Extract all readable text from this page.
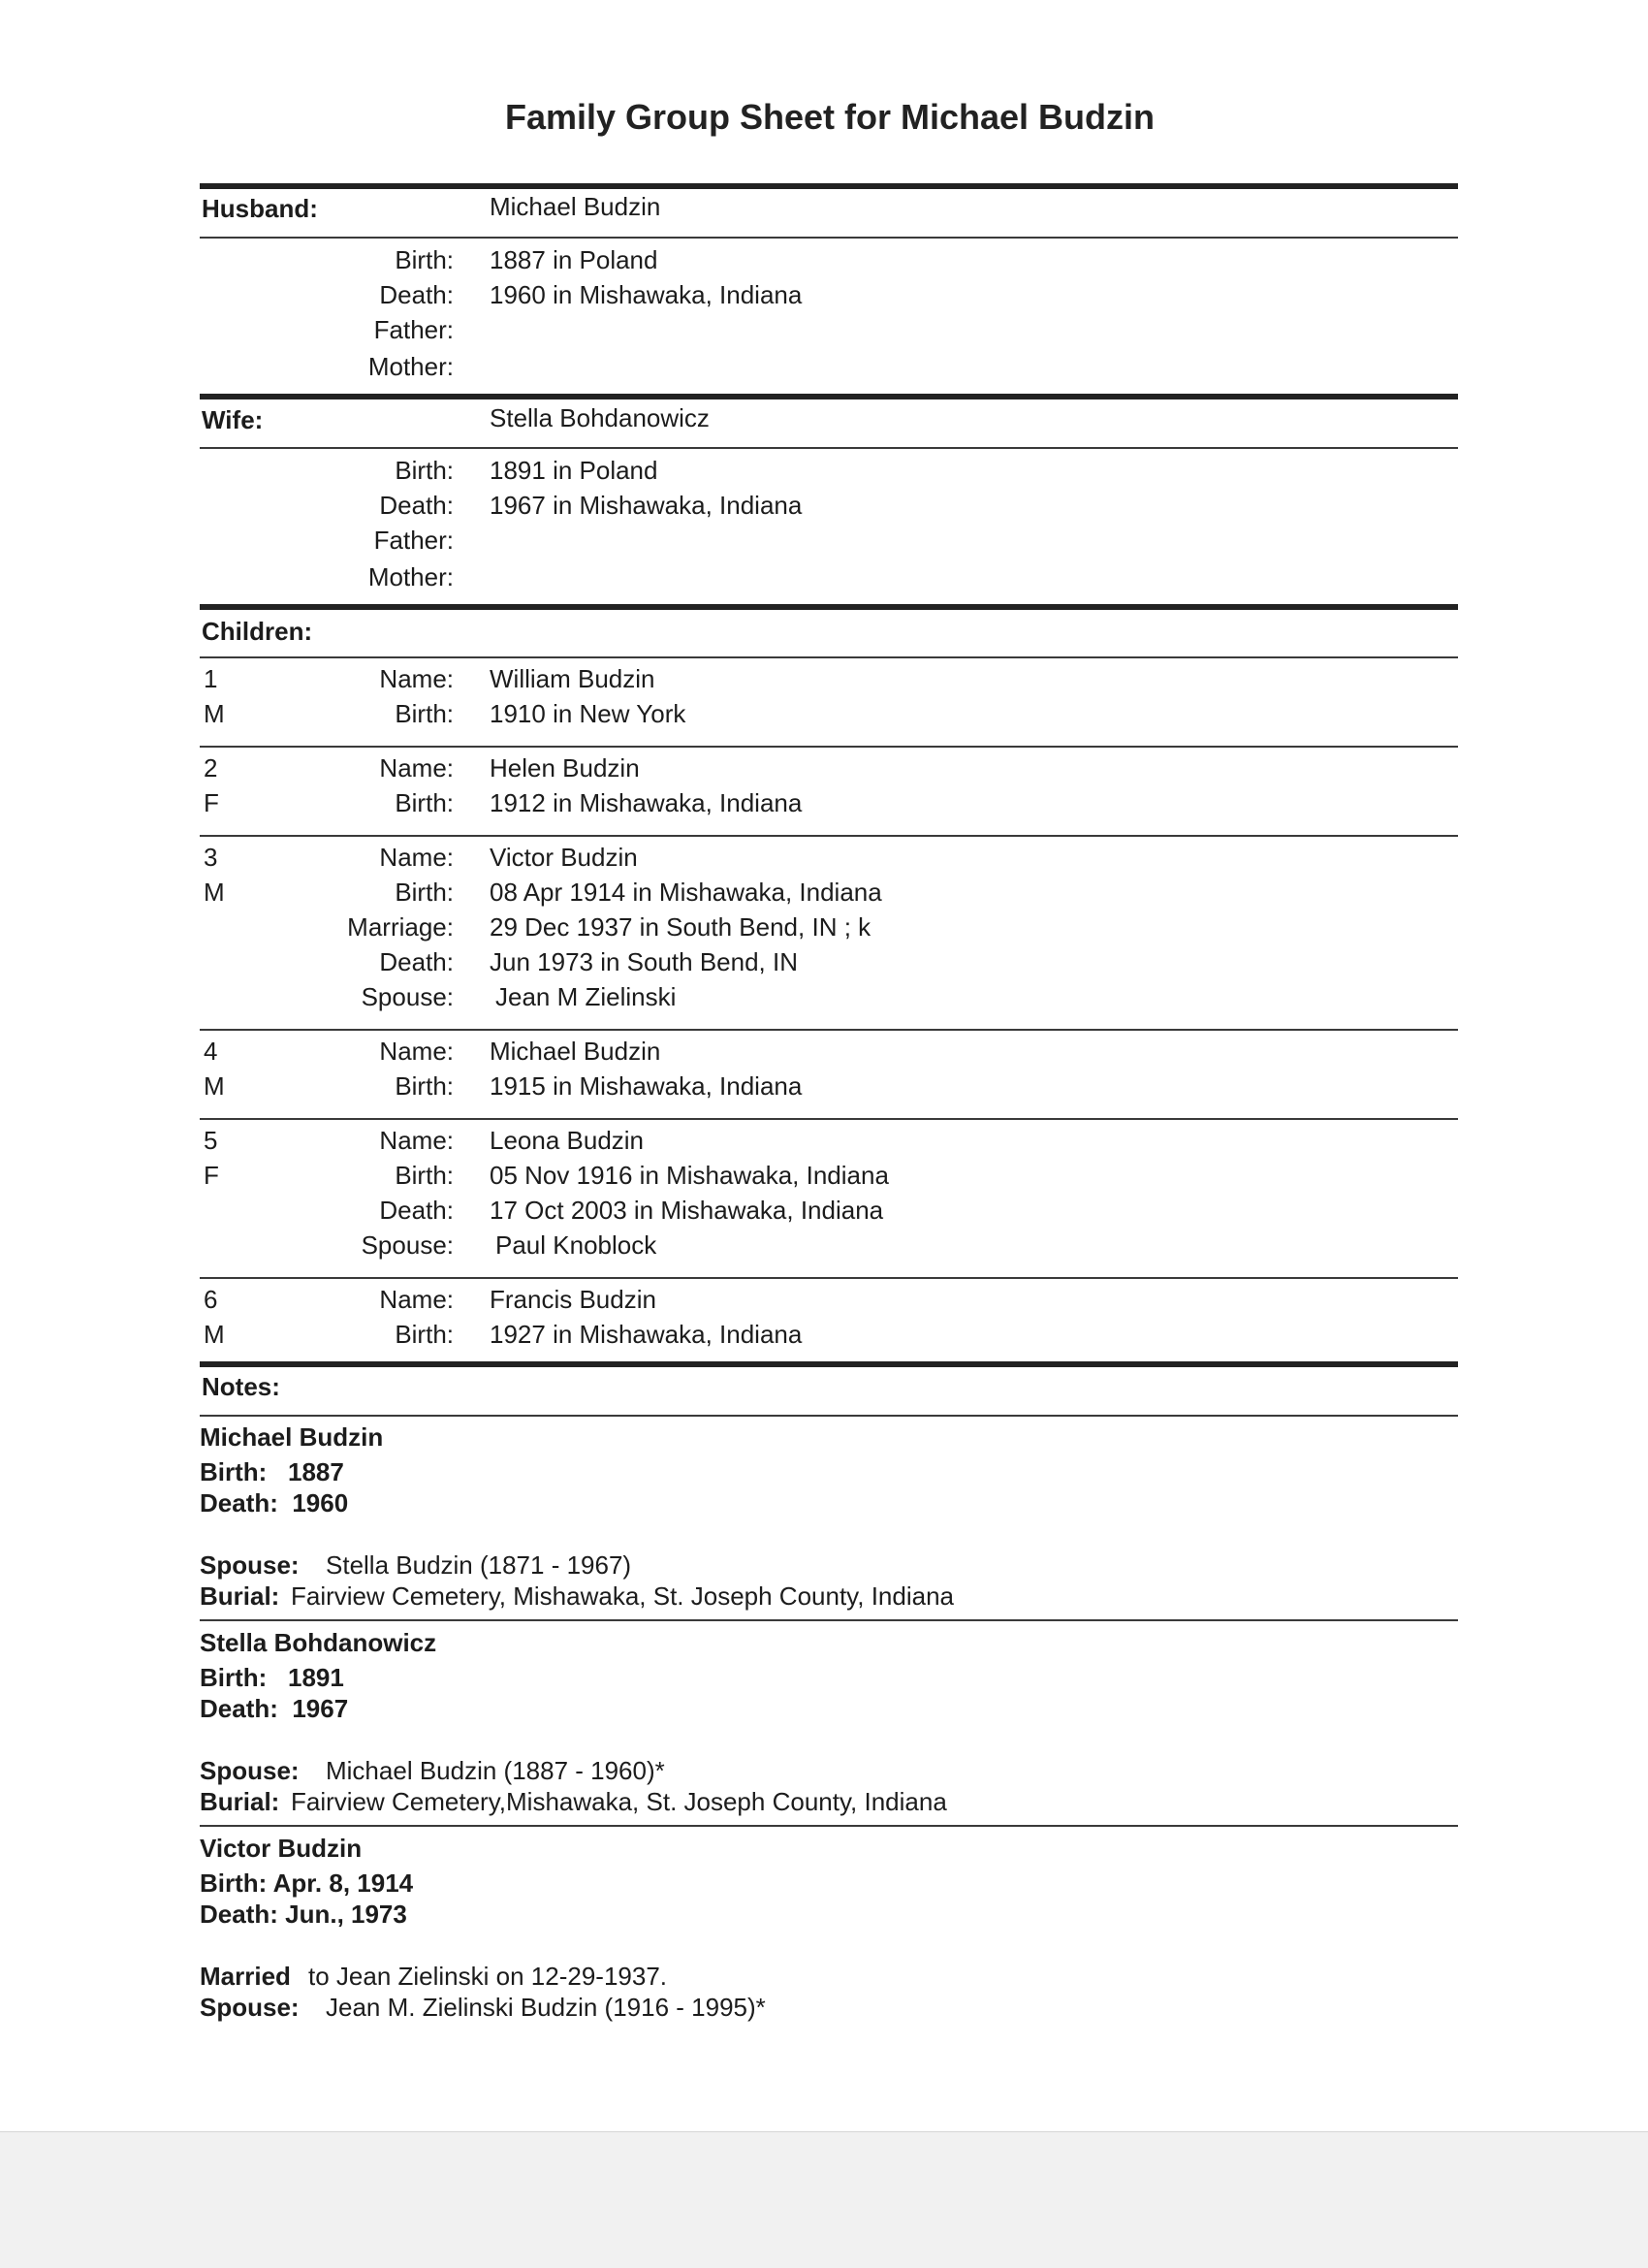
Family Group Sheet for Michael Budzin
Husband:	Michael Budzin
Birth: 1887 in Poland
Death: 1960 in Mishawaka, Indiana
Father:
Mother:
Wife:	Stella Bohdanowicz
Birth: 1891 in Poland
Death: 1967 in Mishawaka, Indiana
Father:
Mother:
Children:
1
M
Name: William Budzin
Birth: 1910 in New York
2
F
Name: Helen Budzin
Birth: 1912 in Mishawaka, Indiana
3
M
Name: Victor Budzin
Birth: 08 Apr 1914 in Mishawaka, Indiana
Marriage: 29 Dec 1937 in South Bend, IN ; k
Death: Jun 1973 in South Bend, IN
Spouse: Jean M Zielinski
4
M
Name: Michael Budzin
Birth: 1915 in Mishawaka, Indiana
5
F
Name: Leona Budzin
Birth: 05 Nov 1916 in Mishawaka, Indiana
Death: 17 Oct 2003 in Mishawaka, Indiana
Spouse: Paul Knoblock
6
M
Name: Francis Budzin
Birth: 1927 in Mishawaka, Indiana
Notes:
Michael Budzin
Birth:   1887
Death:  1960
Spouse: Stella Budzin (1871 - 1967)
Burial: Fairview Cemetery, Mishawaka, St. Joseph County, Indiana
Stella Bohdanowicz
Birth:   1891
Death:  1967
Spouse: Michael Budzin (1887 - 1960)*
Burial: Fairview Cemetery,Mishawaka, St. Joseph County, Indiana
Victor Budzin
Birth: Apr. 8, 1914
Death: Jun., 1973
Married to Jean Zielinski on 12-29-1937.
Spouse: Jean M. Zielinski Budzin (1916 - 1995)*
